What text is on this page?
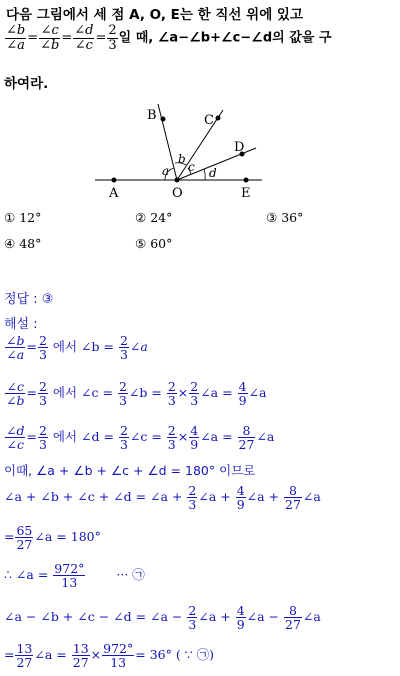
다음 그림에서 세 점 A, O, E는 한 직선 위에 있고
$\frac{\angle b}{\angle a} = \frac{\angle c}{\angle b} = \frac{\angle d}{\angle c} = \frac{2}{3}$ 일 때, ∠a−∠b+∠c−∠d의 값을 구
하여라.
A	O	E
B	C
D
a
b
c d
① 12°	② 24°	③ 36°
④ 48°	⑤ 60°
정답 : ③
해설 :
$\frac{\angle b}{\angle a} = \frac{2}{3}$ 에서 ∠b = $\frac{2}{3}$ ∠a
$\frac{\angle c}{\angle b} = \frac{2}{3}$ 에서 ∠c = $\frac{2}{3}$ ∠b = $\frac{2}{3} \times \frac{2}{3}$ ∠a = $\frac{4}{9}$ ∠a
$\frac{\angle d}{\angle c} = \frac{2}{3}$ 에서 ∠d = $\frac{2}{3}$ ∠c = $\frac{2}{3} \times \frac{4}{9}$ ∠a = $\frac{8}{27}$ ∠a
이때, ∠a + ∠b + ∠c + ∠d = 180° 이므로
∠a + ∠b + ∠c + ∠d = ∠a + $\frac{2}{3}$ ∠a + $\frac{4}{9}$ ∠a + $\frac{8}{27}$ ∠a
= $\frac{65}{27}$ ∠a = 180°
∴ ∠a = $\frac{972^\circ}{13}$ ··· ㉠
∠a − ∠b + ∠c − ∠d = ∠a − $\frac{2}{3}$ ∠a + $\frac{4}{9}$ ∠a − $\frac{8}{27}$ ∠a
= $\frac{13}{27}$ ∠a = $\frac{13}{27} \times \frac{972^\circ}{13} = 36^\circ$ ( ∵ ㉠)
